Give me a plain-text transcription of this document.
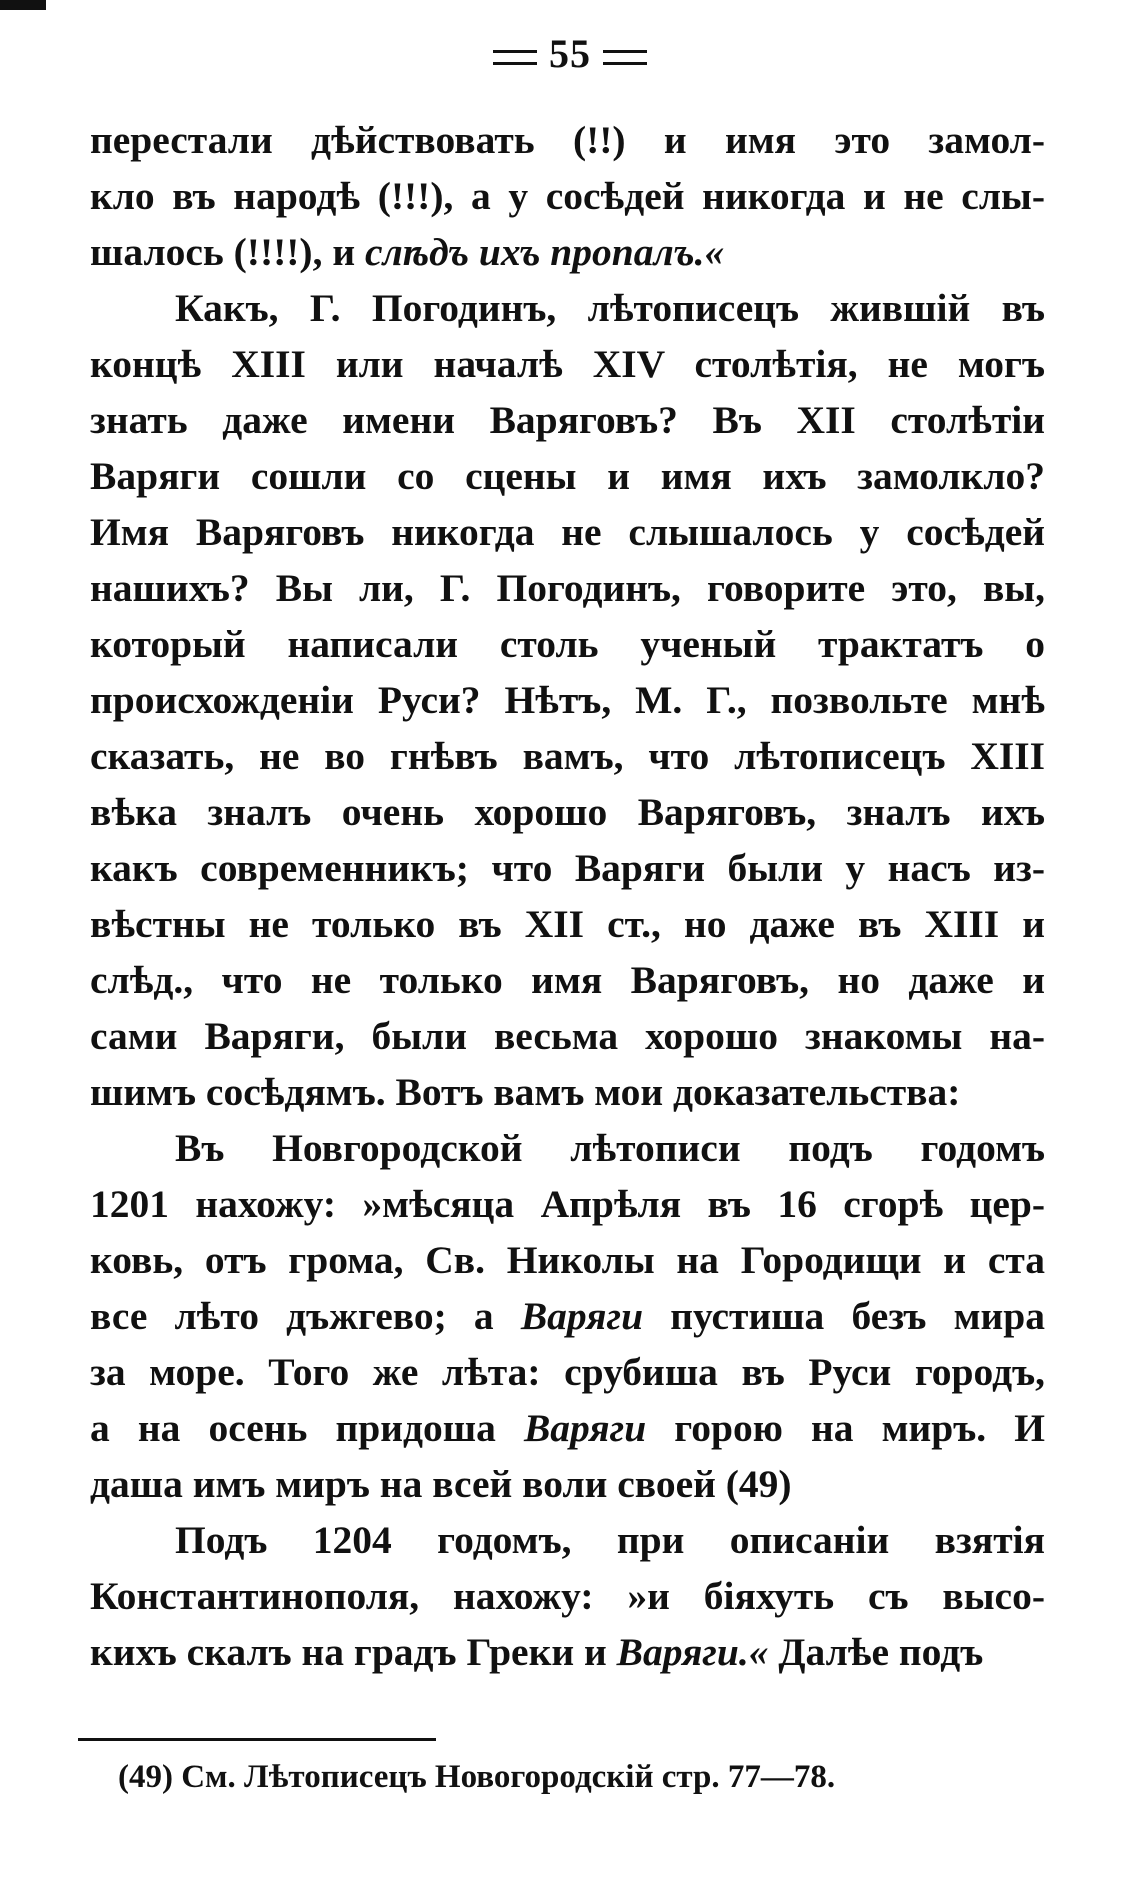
55
перестали дѣйствовать (!!) и имя это замол-
кло въ народѣ (!!!), а у сосѣдей никогда и не слы-
шалось (!!!!), и слѣдъ ихъ пропалъ.«
Какъ, Г. Погодинъ, лѣтописецъ жившій въ
концѣ XIII или началѣ XIV столѣтія, не могъ
знать даже имени Варяговъ? Въ XII столѣтіи
Варяги сошли со сцены и имя ихъ замолкло?
Имя Варяговъ никогда не слышалось у сосѣдей
нашихъ? Вы ли, Г. Погодинъ, говорите это, вы,
который написали столь ученый трактатъ о
происхожденіи Руси? Нѣтъ, М. Г., позвольте мнѣ
сказать, не во гнѣвъ вамъ, что лѣтописецъ XIII
вѣка зналъ очень хорошо Варяговъ, зналъ ихъ
какъ современникъ; что Варяги были у насъ из-
вѣстны не только въ XII ст., но даже въ XIII и
слѣд., что не только имя Варяговъ, но даже и
сами Варяги, были весьма хорошо знакомы на-
шимъ сосѣдямъ. Вотъ вамъ мои доказательства:
Въ Новгородской лѣтописи подъ годомъ
1201 нахожу: »мѣсяца Апрѣля въ 16 сгорѣ цер-
ковь, отъ грома, Св. Николы на Городищи и ста
все лѣто дъжгево; а Варяги пустиша безъ мира
за море. Того же лѣта: срубиша въ Руси городъ,
а на осень придоша Варяги горою на миръ. И
даша имъ миръ на всей воли своей (49)
Подъ 1204 годомъ, при описаніи взятія
Константинополя, нахожу: »и біяхуть съ высо-
кихъ скалъ на градъ Греки и Варяги.« Далѣе подъ
(49) См. Лѣтописецъ Новогородскій стр. 77—78.
